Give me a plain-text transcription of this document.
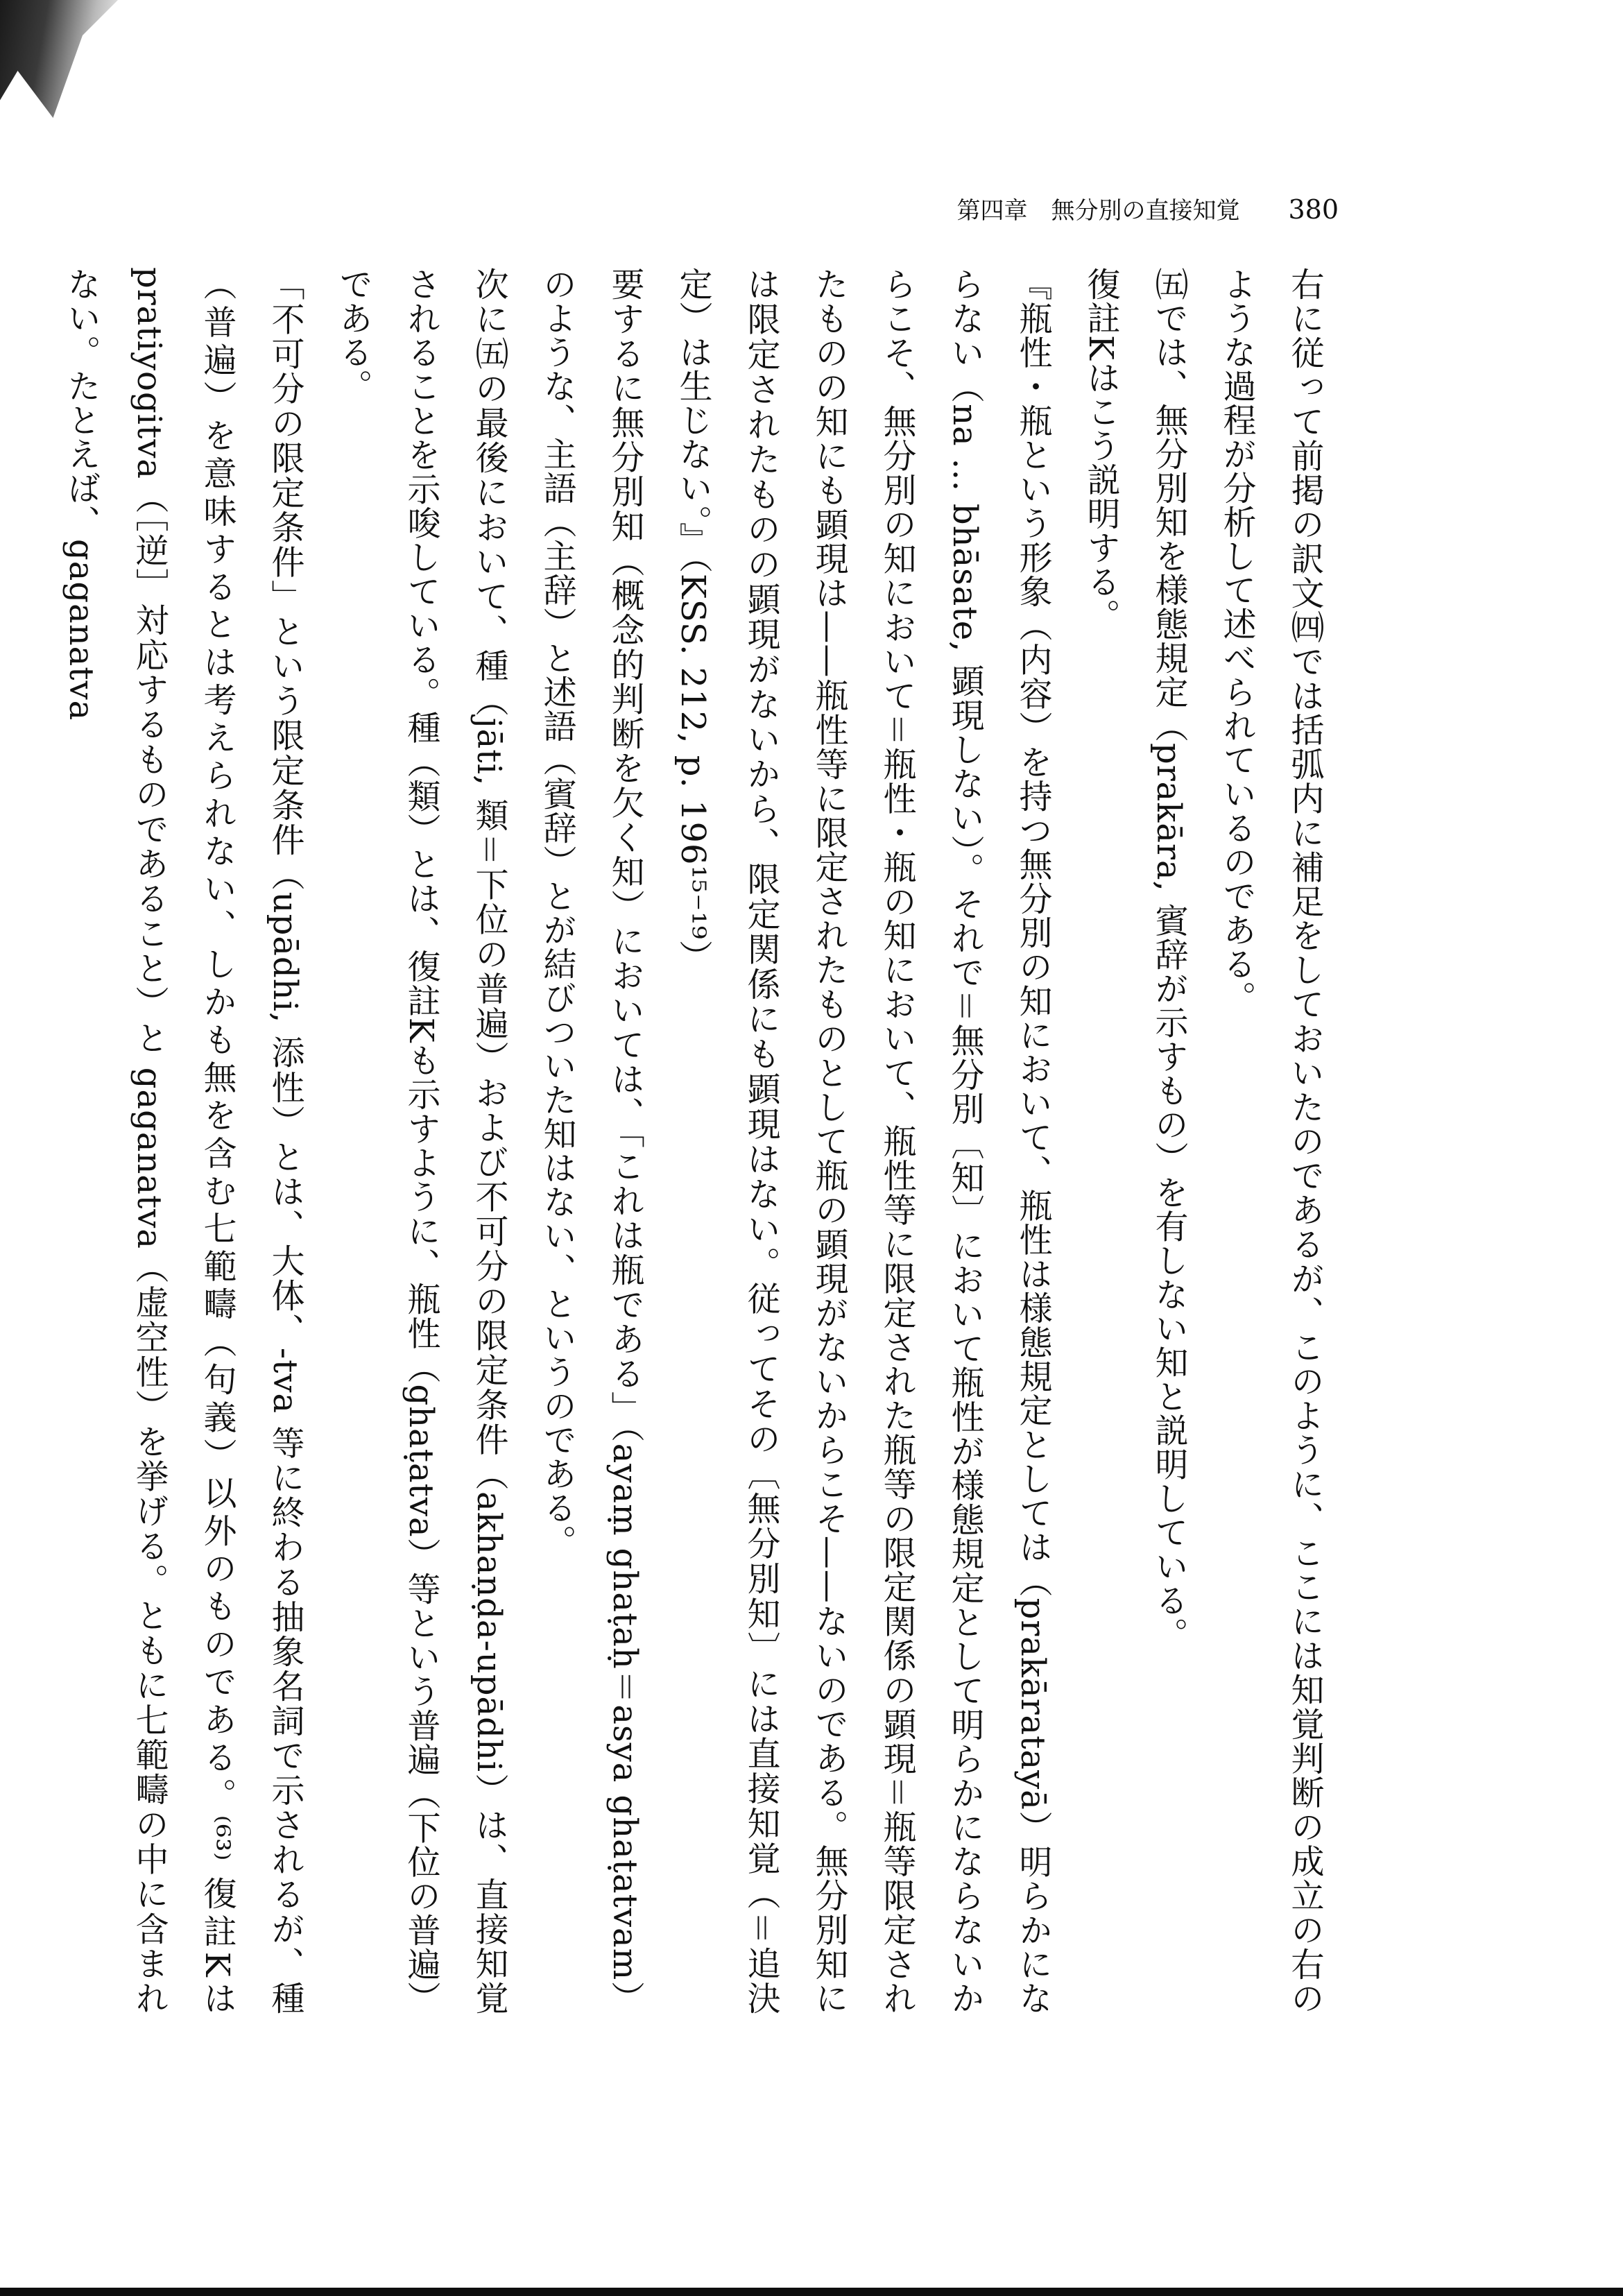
第四章　無分別の直接知覚 380

右に従って前掲の訳文㈣では括弧内に補足をしておいたのであるが、このように、ここには知覚判断の成立の右のような過程が分析して述べられているのである。

㈤では、無分別知を様態規定（prakāra, 賓辞が示すもの）を有しない知と説明している。

復註Kはこう説明する。

『瓶性・瓶という形象（内容）を持つ無分別の知において、瓶性は様態規定としては（prakāratayā）明らかにならない（na … bhāsate, 顕現しない）。それで＝無分別〔知〕において瓶性が様態規定として明らかにならないからこそ、無分別の知において＝瓶性・瓶の知において、瓶性等に限定された瓶等の限定関係の顕現＝瓶等限定されたものの知にも顕現は——瓶性等に限定されたものとして瓶の顕現がないからこそ——ないのである。無分別知には限定されたものの顕現がないから、限定関係にも顕現はない。従ってその〔無分別知〕には直接知覚（＝追決定）は生じない。』（KSS. 212, p. 196¹⁵⁻¹⁹）

要するに無分別知（概念的判断を欠く知）においては、「これは瓶である」（ayaṃ ghaṭaḥ＝asya ghaṭatvam）のような、主語（主辞）と述語（賓辞）とが結びついた知はない、というのである。

次に㈤の最後において、種（jāti, 類＝下位の普遍）および不可分の限定条件（akhaṇḍa-upādhi）は、直接知覚されることを示唆している。種（類）とは、復註Kも示すように、瓶性（ghaṭatva）等という普遍（下位の普遍）である。

「不可分の限定条件」という限定条件（upādhi, 添性）とは、大体、-tva 等に終わる抽象名詞で示されるが、種（普遍）を意味するとは考えられない、しかも無を含む七範疇（句義）以外のものである。⁽⁶³⁾ 復註Kは pratiyogitva（［逆］対応するものであること）と gaganatva（虚空性）を挙げる。ともに七範疇の中に含まれない。たとえば、gaganatva
